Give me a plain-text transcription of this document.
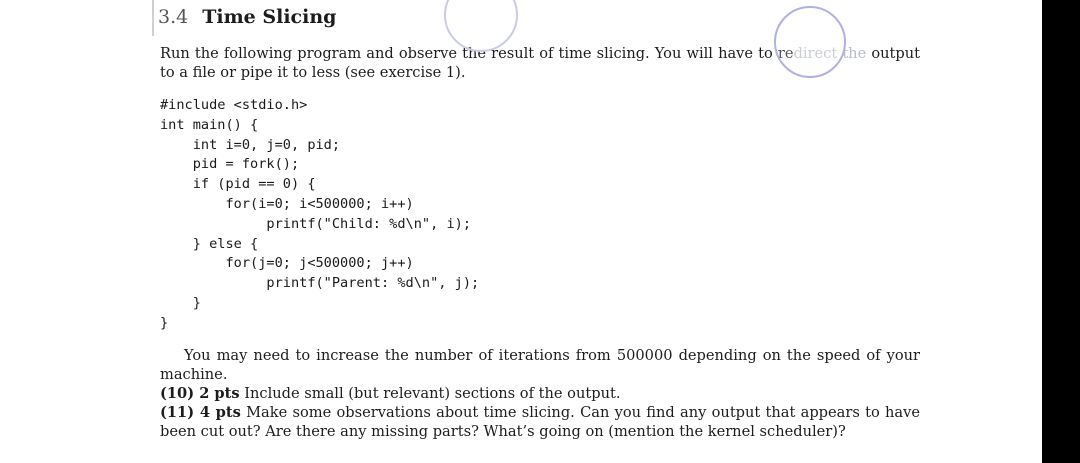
3.4 Time Slicing
Run the following program and observe the result of time slicing. You will have to redirect the output to a file or pipe it to less (see exercise 1).
#include <stdio.h>
int main() {
int i=0, j=0, pid;
pid = fork();
if (pid == 0) {
for(i=0; i<500000; i++)
printf("Child: %d\n", i);
} else {
for(j=0; j<500000; j++)
printf("Parent: %d\n", j);
}
}
You may need to increase the number of iterations from 500000 depending on the speed of your machine.
(10) 2 pts Include small (but relevant) sections of the output.
(11) 4 pts Make some observations about time slicing. Can you find any output that appears to have been cut out? Are there any missing parts? What’s going on (mention the kernel scheduler)?
